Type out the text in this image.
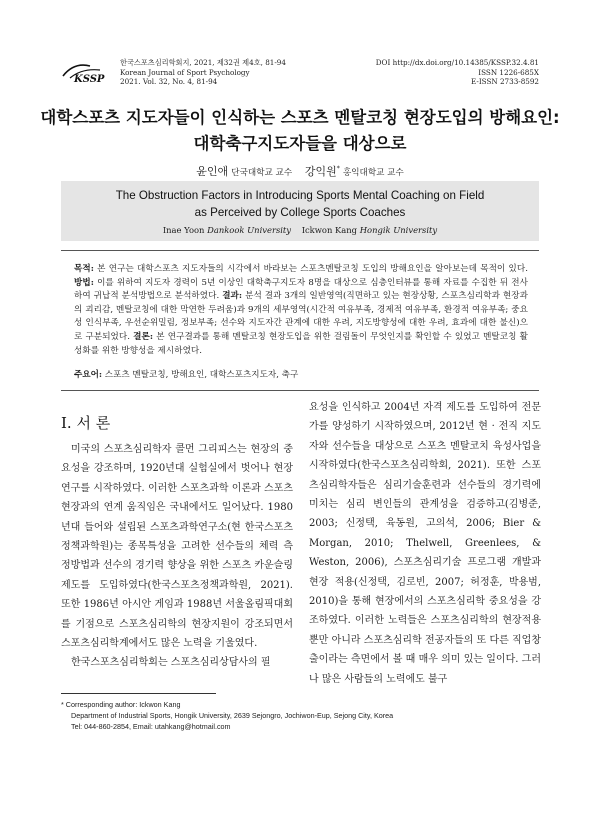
KSSP
한국스포츠심리학회지, 2021, 제32권 제4호, 81-94
Korean Journal of Sport Psychology
2021. Vol. 32, No. 4, 81-94
DOI http://dx.doi.org/10.14385/KSSP.32.4.81
ISSN 1226-685X
E-ISSN 2733-8592
대학스포츠 지도자들이 인식하는 스포츠 멘탈코칭 현장도입의 방해요인:
대학축구지도자들을 대상으로
윤인애 단국대학교 교수 강익원* 홍익대학교 교수
The Obstruction Factors in Introducing Sports Mental Coaching on Field
as Perceived by College Sports Coaches
Inae Yoon Dankook University Ickwon Kang Hongik University
목적: 본 연구는 대학스포츠 지도자들의 시각에서 바라보는 스포츠멘탈코칭 도입의 방해요인을 알아보는데 목적이 있다. 방법: 이를 위하여 지도자 경력이 5년 이상인 대학축구지도자 8명을 대상으로 심층인터뷰를 통해 자료를 수집한 뒤 전사하여 귀납적 분석방법으로 분석하였다. 결과: 분석 결과 3개의 일반영역(직면하고 있는 현장상황, 스포츠심리학과 현장과의 괴리감, 멘탈코칭에 대한 막연한 두려움)과 9개의 세부영역(시간적 여유부족, 경제적 여유부족, 환경적 여유부족; 중요성 인식부족, 우선순위밀림, 정보부족; 선수와 지도자간 관계에 대한 우려, 지도방향성에 대한 우려, 효과에 대한 불신)으로 구분되었다. 결론: 본 연구결과를 통해 멘탈코칭 현장도입을 위한 걸림돌이 무엇인지를 확인할 수 있었고 멘탈코칭 활성화를 위한 방향성을 제시하였다.
주요어: 스포츠 멘탈코칭, 방해요인, 대학스포츠지도자, 축구
I. 서 론

미국의 스포츠심리학자 콜먼 그리피스는 현장의 중요성을 강조하며, 1920년대 실험실에서 벗어나 현장 연구를 시작하였다. 이러한 스포츠과학 이론과 스포츠 현장과의 연계 움직임은 국내에서도 일어났다. 1980년대 들어와 설립된 스포츠과학연구소(현 한국스포츠정책과학원)는 종목특성을 고려한 선수들의 체력 측정방법과 선수의 경기력 향상을 위한 스포츠 카운슬링 제도를 도입하였다(한국스포츠정책과학원, 2021). 또한 1986년 아시안 게임과 1988년 서울올림픽대회를 기점으로 스포츠심리학의 현장지원이 강조되면서 스포츠심리학계에서도 많은 노력을 기울였다.

한국스포츠심리학회는 스포츠심리상담사의 필

요성을 인식하고 2004년 자격 제도를 도입하여 전문가를 양성하기 시작하였으며, 2012년 현 · 전직 지도자와 선수들을 대상으로 스포츠 멘탈코치 육성사업을 시작하였다(한국스포츠심리학회, 2021). 또한 스포츠심리학자들은 심리기술훈련과 선수들의 경기력에 미치는 심리 변인들의 관계성을 검증하고(김병준, 2003; 신정택, 육동원, 고의석, 2006; Bier & Morgan, 2010; Thelwell, Greenlees, & Weston, 2006), 스포츠심리기술 프로그램 개발과 현장 적용(신정택, 김로빈, 2007; 허정훈, 박용범, 2010)을 통해 현장에서의 스포츠심리학 중요성을 강조하였다. 이러한 노력들은 스포츠심리학의 현장적용 뿐만 아니라 스포츠심리학 전공자들의 또 다른 직업창출이라는 측면에서 볼 때 매우 의미 있는 일이다. 그러나 많은 사람들의 노력에도 불구

* Corresponding author: Ickwon Kang
Department of Industrial Sports, Hongik University, 2639 Sejongro, Jochiwon-Eup, Sejong City, Korea
Tel: 044-860-2854, Email: utahkang@hotmail.com
